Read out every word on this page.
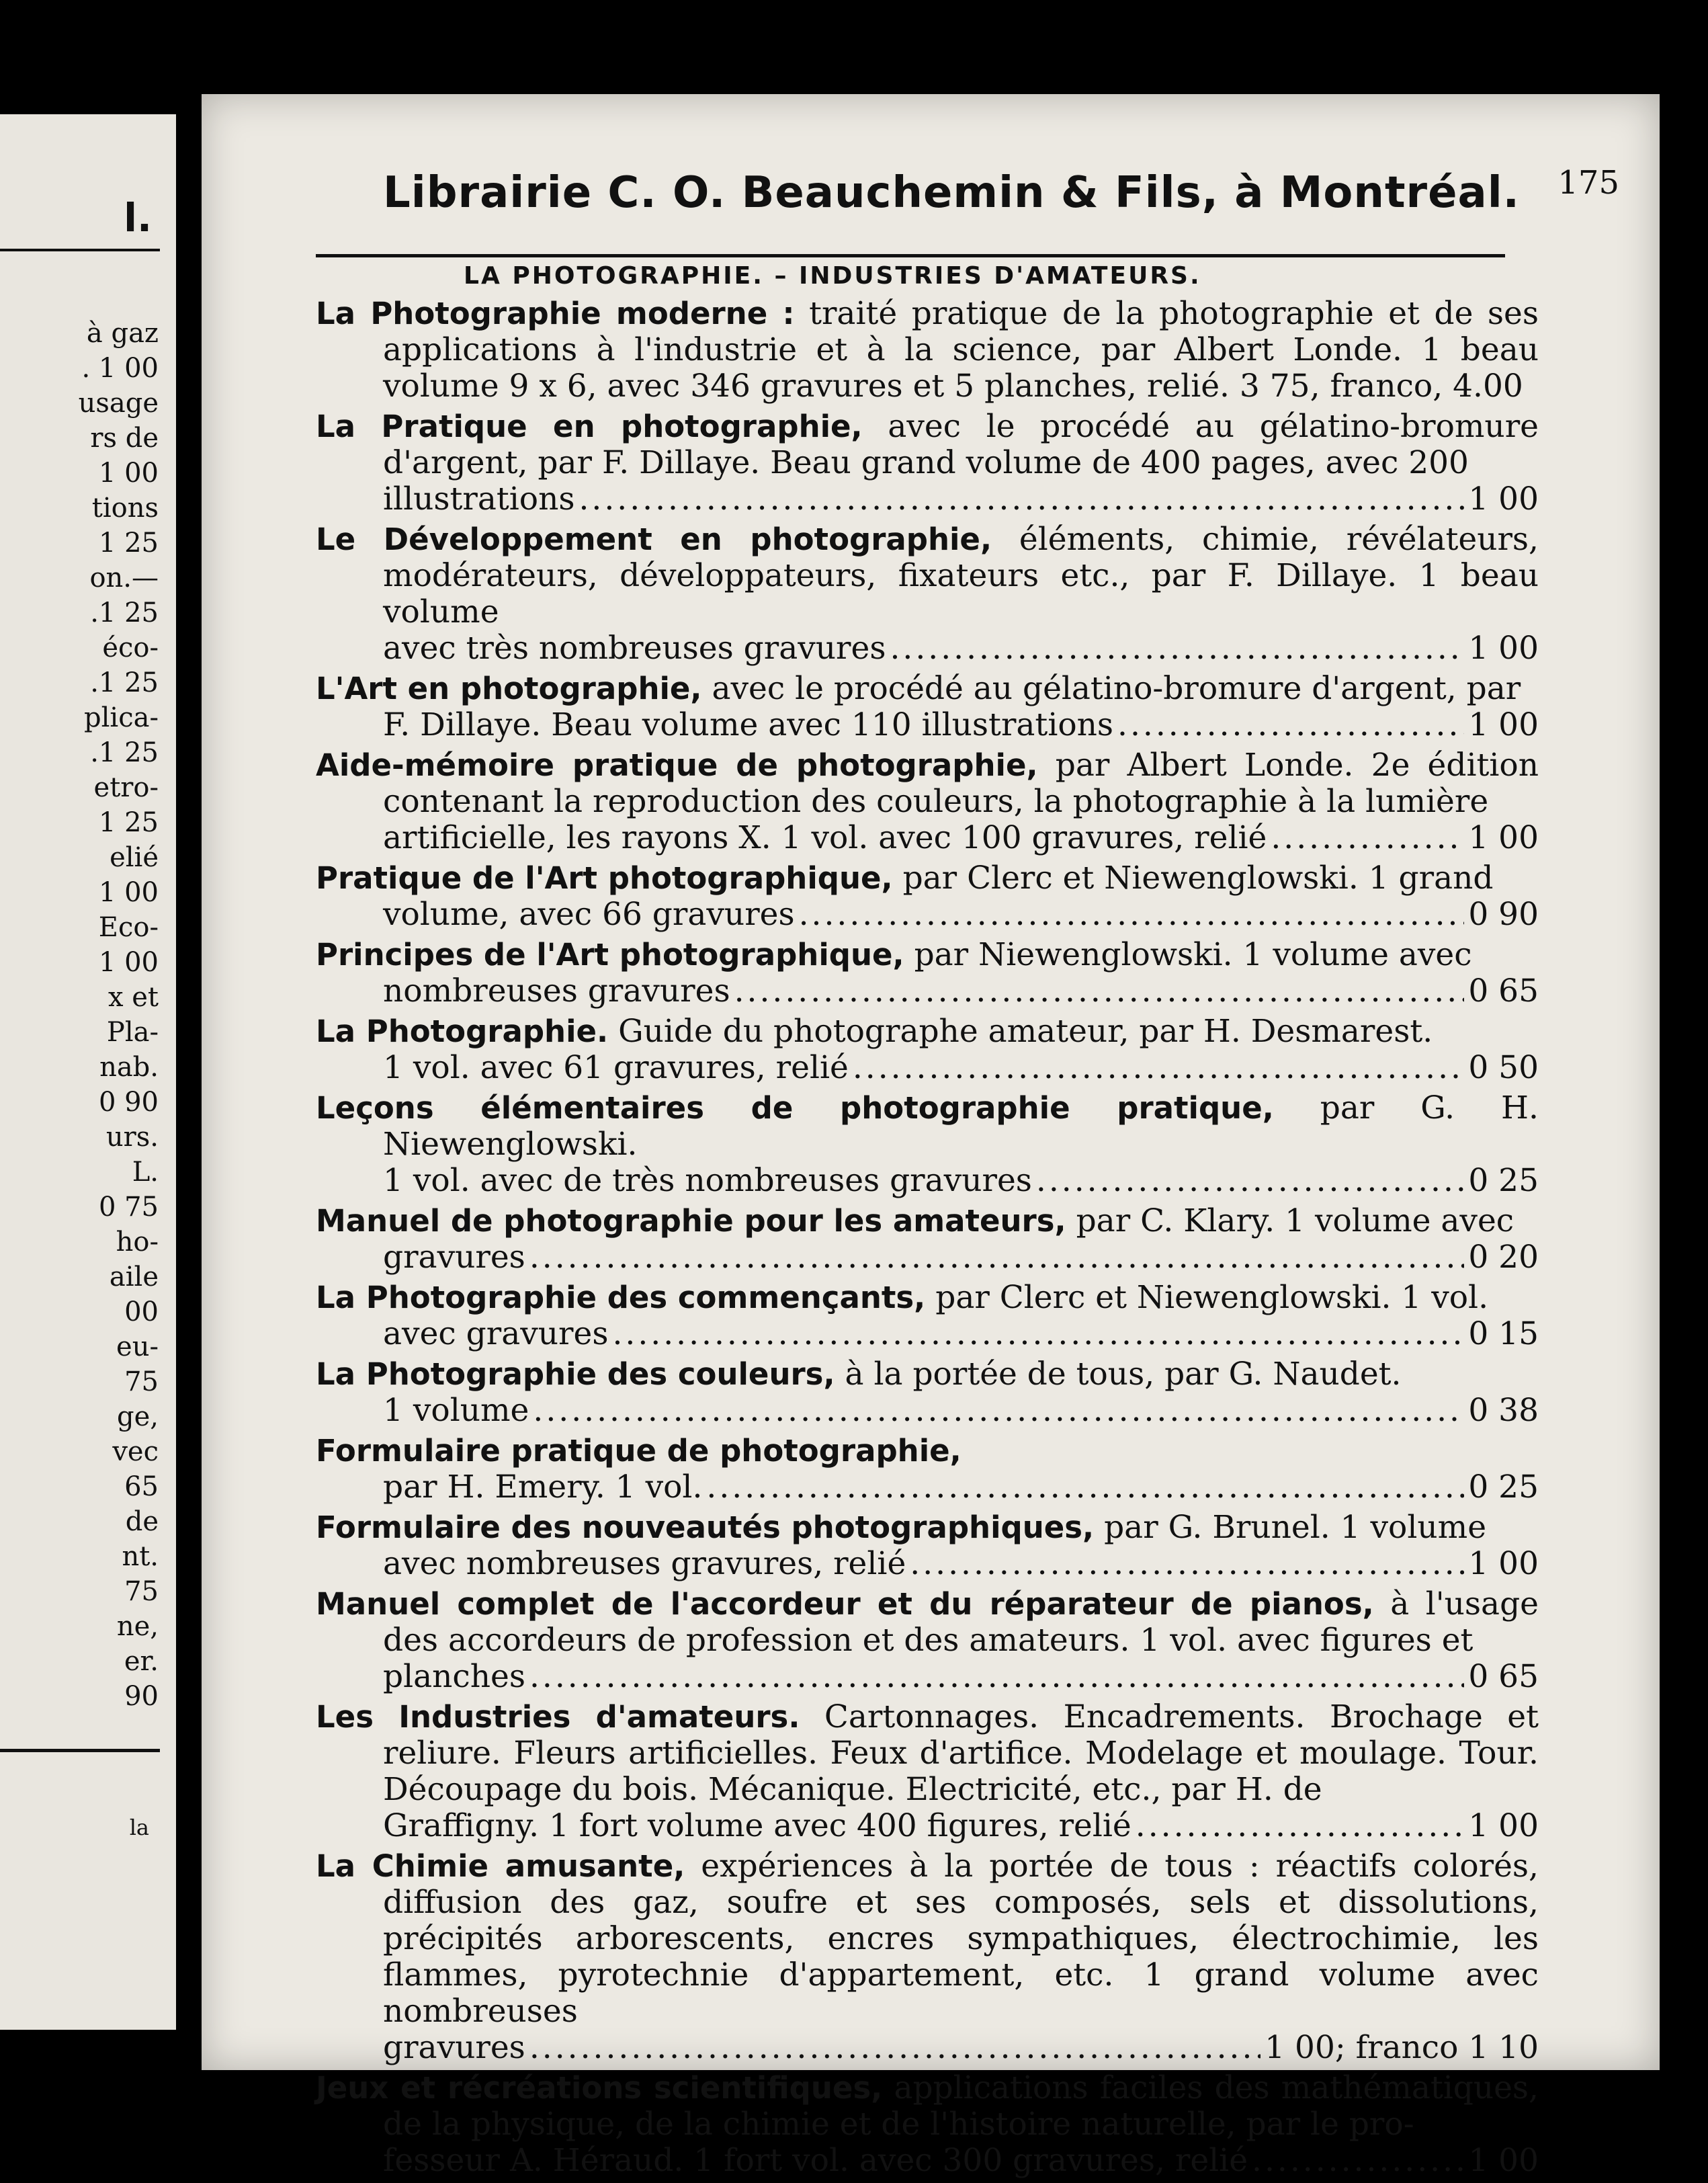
l.
à gaz
. 1 00
usage
rs de
1 00
tions
1 25
on.—
.1 25
éco-
.1 25
plica-
.1 25
etro-
1 25
elié
1 00
Eco-
1 00
x et
Pla-
nab.
0 90
urs.
L.
0 75
ho-
aile
00
eu-
75
ge,
vec
65
de
nt.
75
ne,
er.
90
la
Librairie C. O. Beauchemin & Fils, à Montréal. 175
LA PHOTOGRAPHIE. – INDUSTRIES D'AMATEURS.
La Photographie moderne : traité pratique de la photographie et de ses applications à l'industrie et à la science, par Albert Londe. 1 beau volume 9 x 6, avec 346 gravures et 5 planches, relié. 3 75, franco, 4.00
La Pratique en photographie, avec le procédé au gélatino-bromure d'argent, par F. Dillaye. Beau grand volume de 400 pages, avec 200
illustrations .....	1 00
Le Développement en photographie, éléments, chimie, révélateurs, modérateurs, développateurs, fixateurs etc., par F. Dillaye. 1 beau volume
avec très nombreuses gravures .....	1 00
L'Art en photographie, avec le procédé au gélatino-bromure d'argent, par
F. Dillaye. Beau volume avec 110 illustrations .....	1 00
Aide-mémoire pratique de photographie, par Albert Londe. 2e édition contenant la reproduction des couleurs, la photographie à la lumière
artificielle, les rayons X. 1 vol. avec 100 gravures, relié .....	1 00
Pratique de l'Art photographique, par Clerc et Niewenglowski. 1 grand
volume, avec 66 gravures .....	0 90
Principes de l'Art photographique, par Niewenglowski. 1 volume avec
nombreuses gravures .....	0 65
La Photographie. Guide du photographe amateur, par H. Desmarest.
1 vol. avec 61 gravures, relié .....	0 50
Leçons élémentaires de photographie pratique, par G. H. Niewenglowski.
1 vol. avec de très nombreuses gravures .....	0 25
Manuel de photographie pour les amateurs, par C. Klary. 1 volume avec
gravures .....	0 20
La Photographie des commençants, par Clerc et Niewenglowski. 1 vol.
avec gravures .....	0 15
La Photographie des couleurs, à la portée de tous, par G. Naudet.
1 volume .....	0 38
Formulaire pratique de photographie,
par H. Emery. 1 vol. .....	0 25
Formulaire des nouveautés photographiques, par G. Brunel. 1 volume
avec nombreuses gravures, relié .....	1 00
Manuel complet de l'accordeur et du réparateur de pianos, à l'usage des accordeurs de profession et des amateurs. 1 vol. avec figures et
planches .....	0 65
Les Industries d'amateurs. Cartonnages. Encadrements. Brochage et reliure. Fleurs artificielles. Feux d'artifice. Modelage et moulage. Tour. Découpage du bois. Mécanique. Electricité, etc., par H. de
Graffigny. 1 fort volume avec 400 figures, relié .....	1 00
La Chimie amusante, expériences à la portée de tous : réactifs colorés, diffusion des gaz, soufre et ses composés, sels et dissolutions, précipités arborescents, encres sympathiques, électrochimie, les flammes, pyrotechnie d'appartement, etc. 1 grand volume avec nombreuses
gravures .....	1 00; franco 1 10
Jeux et récréations scientifiques, applications faciles des mathématiques, de la physique, de la chimie et de l'histoire naturelle, par le pro-
fesseur A. Héraud. 1 fort vol. avec 300 gravures, relié .....	1 00
